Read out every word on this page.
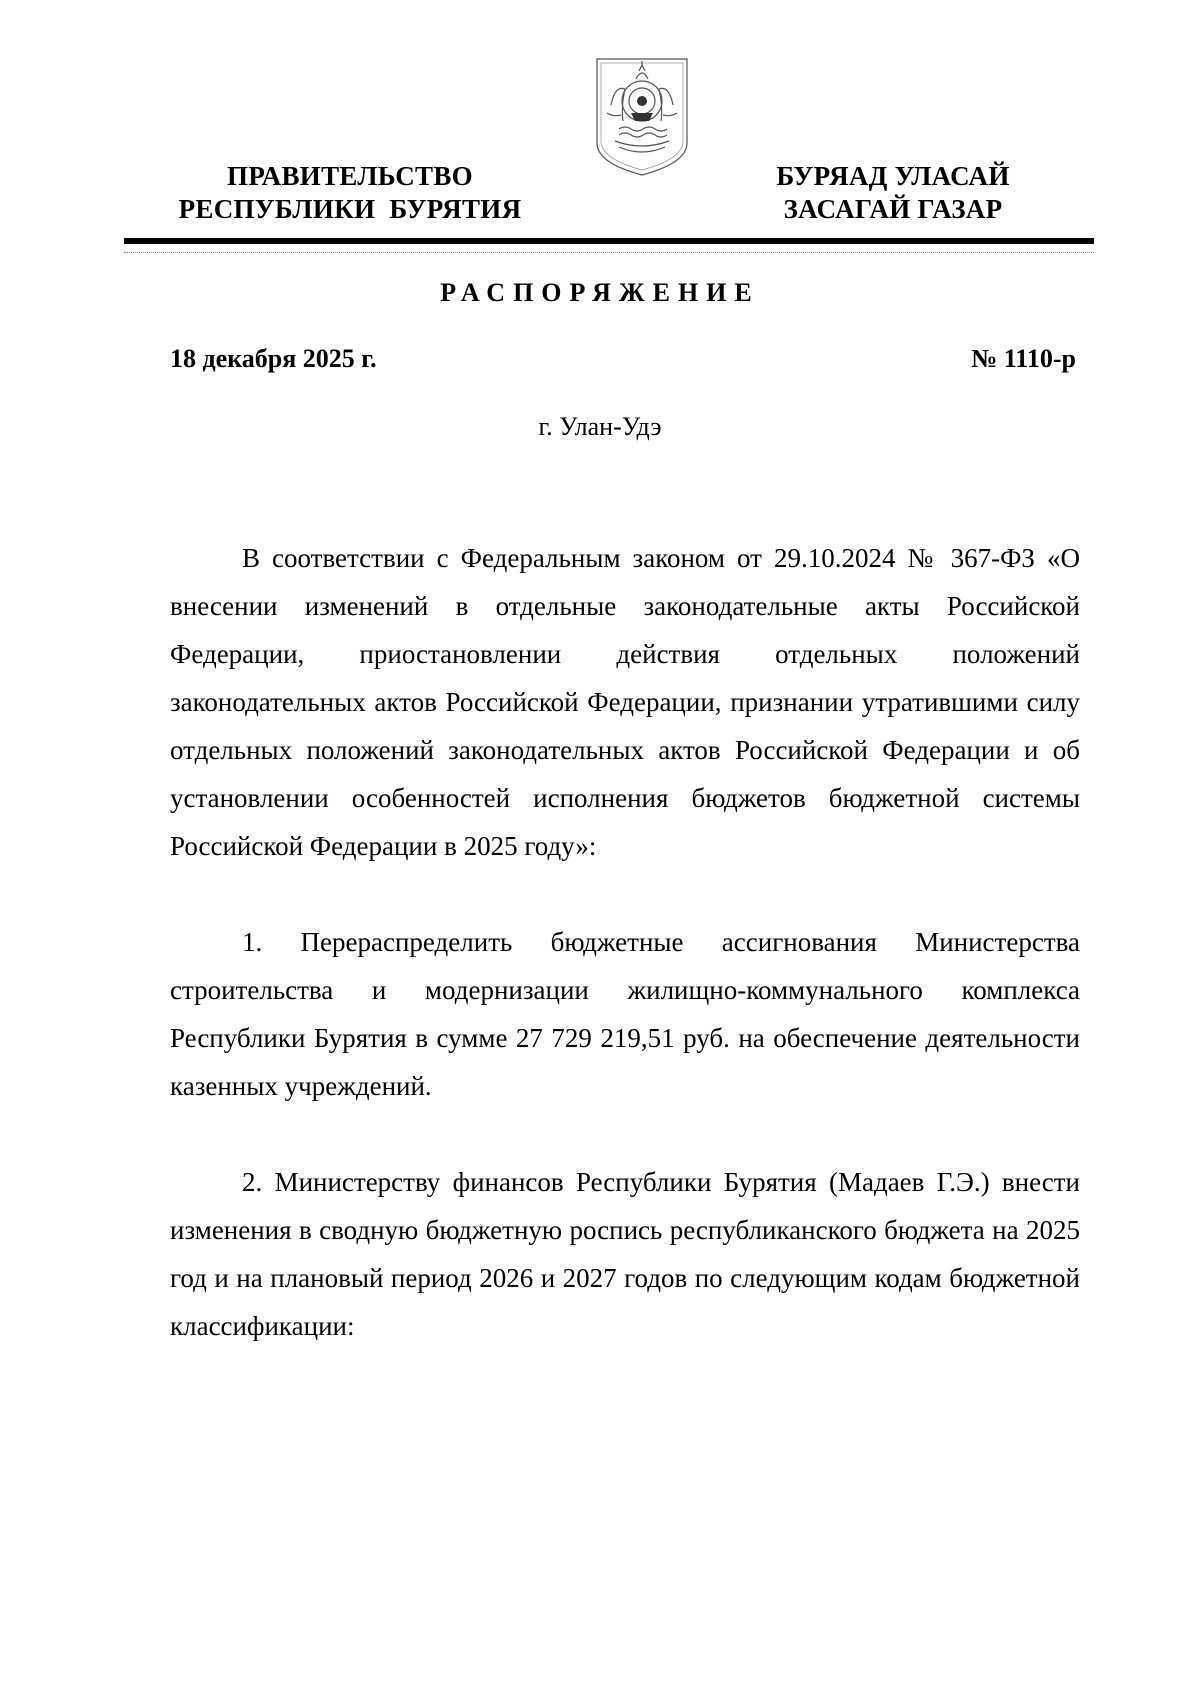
ПРАВИТЕЛЬСТВО
РЕСПУБЛИКИ  БУРЯТИЯ
БУРЯАД УЛАСАЙ
ЗАСАГАЙ ГАЗАР
РАСПОРЯЖЕНИЕ
18 декабря 2025 г.	№ 1110-р
г. Улан-Удэ

В соответствии с Федеральным законом от 29.10.2024 № 367-ФЗ «О внесении изменений в отдельные законодательные акты Российской Федерации, приостановлении действия отдельных положений законодательных актов Российской Федерации, признании утратившими силу отдельных положений законодательных актов Российской Федерации и об установлении особенностей исполнения бюджетов бюджетной системы Российской Федерации в 2025 году»:

1. Перераспределить бюджетные ассигнования Министерства строительства и модернизации жилищно-коммунального комплекса Республики Бурятия в сумме 27 729 219,51 руб. на обеспечение деятельности казенных учреждений.

2. Министерству финансов Республики Бурятия (Мадаев Г.Э.) внести изменения в сводную бюджетную роспись республиканского бюджета на 2025 год и на плановый период 2026 и 2027 годов по следующим кодам бюджетной классификации:
